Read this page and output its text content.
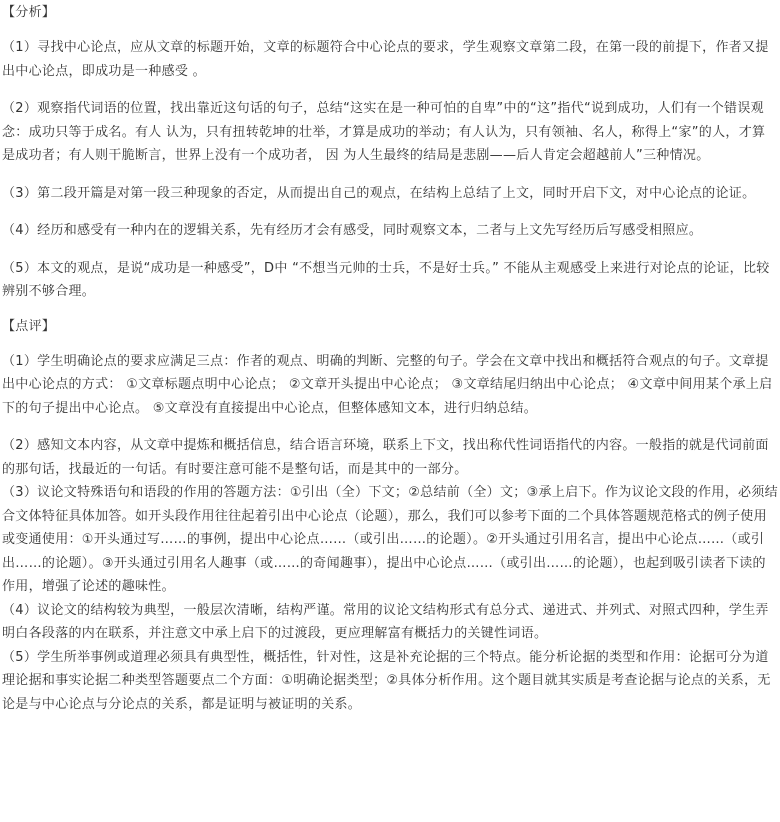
【分析】

（1）寻找中心论点，应从文章的标题开始，文章的标题符合中心论点的要求，学生观察文章第二段，在第一段的前提下，作者又提出中心论点，即成功是一种感受 。

（2）观察指代词语的位置，找出靠近这句话的句子，总结“这实在是一种可怕的自卑”中的“这”指代“说到成功，人们有一个错误观念：成功只等于成名。有人 认为，只有扭转乾坤的壮举，才算是成功的举动；有人认为，只有领袖、名人，称得上“家”的人，才算是成功者；有人则干脆断言，世界上没有一个成功者， 因 为人生最终的结局是悲剧——后人肯定会超越前人”三种情况。

（3）第二段开篇是对第一段三种现象的否定，从而提出自己的观点，在结构上总结了上文，同时开启下文，对中心论点的论证。

（4）经历和感受有一种内在的逻辑关系，先有经历才会有感受，同时观察文本，二者与上文先写经历后写感受相照应。

（5）本文的观点，是说“成功是一种感受”，D中 “不想当元帅的士兵，不是好士兵。” 不能从主观感受上来进行对论点的论证，比较辨别不够合理。

【点评】

（1）学生明确论点的要求应满足三点：作者的观点、明确的判断、完整的句子。学会在文章中找出和概括符合观点的句子。文章提出中心论点的方式： ①文章标题点明中心论点； ②文章开头提出中心论点； ③文章结尾归纳出中心论点； ④文章中间用某个承上启下的句子提出中心论点。 ⑤文章没有直接提出中心论点，但整体感知文本，进行归纳总结。

（2）感知文本内容，从文章中提炼和概括信息，结合语言环境，联系上下文，找出称代性词语指代的内容。一般指的就是代词前面的那句话，找最近的一句话。有时要注意可能不是整句话，而是其中的一部分。

（3）议论文特殊语句和语段的作用的答题方法：①引出（全）下文；②总结前（全）文；③承上启下。作为议论文段的作用，必须结合文体特征具体加答。如开头段作用往往起着引出中心论点（论题），那么，我们可以参考下面的二个具体答题规范格式的例子使用或变通使用：①开头通过写……的事例，提出中心论点……（或引出……的论题）。②开头通过引用名言，提出中心论点……（或引出……的论题）。③开头通过引用名人趣事（或……的奇闻趣事），提出中心论点……（或引出……的论题），也起到吸引读者下读的作用，增强了论述的趣味性。

（4）议论文的结构较为典型，一般层次清晰，结构严谨。常用的议论文结构形式有总分式、递进式、并列式、对照式四种，学生弄明白各段落的内在联系，并注意文中承上启下的过渡段，更应理解富有概括力的关键性词语。

（5）学生所举事例或道理必须具有典型性，概括性，针对性，这是补充论据的三个特点。能分析论据的类型和作用：论据可分为道理论据和事实论据二种类型答题要点二个方面：①明确论据类型；②具体分析作用。这个题目就其实质是考查论据与论点的关系，无论是与中心论点与分论点的关系，都是证明与被证明的关系。
